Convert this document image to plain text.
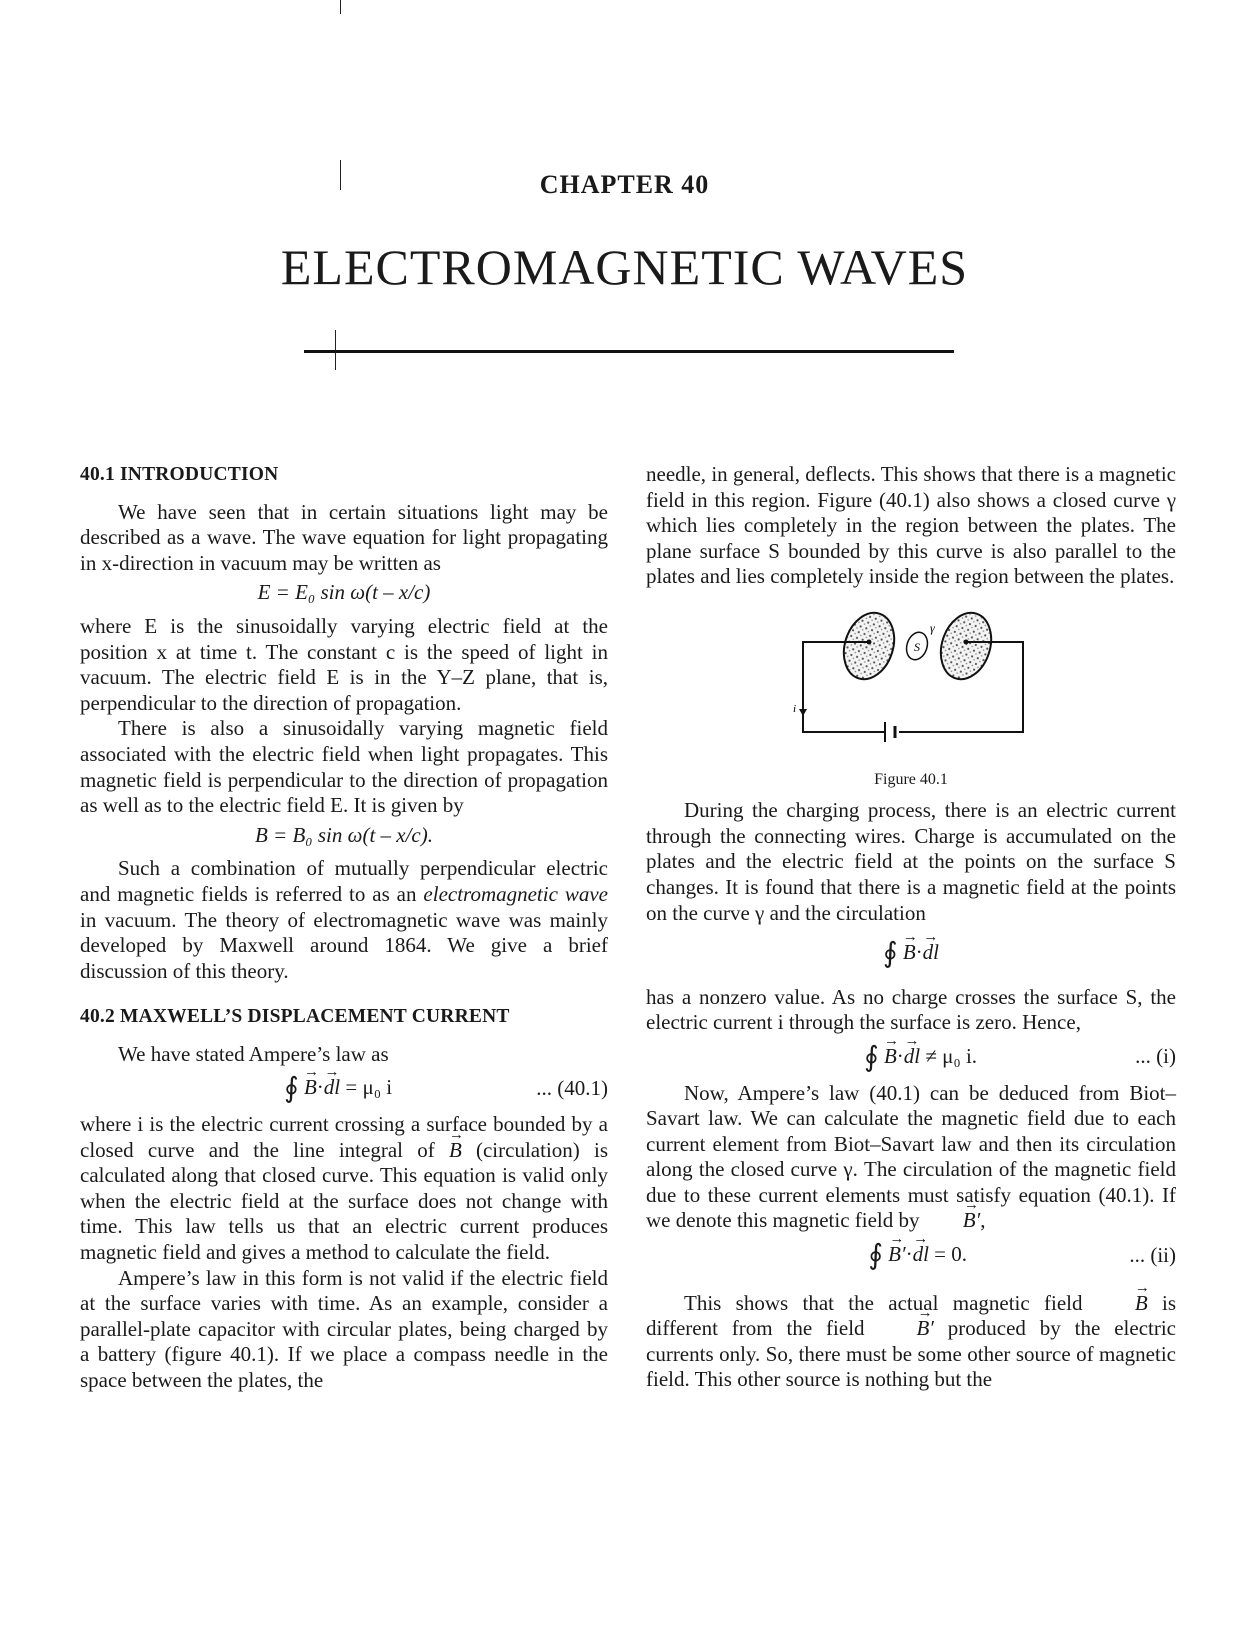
CHAPTER 40
ELECTROMAGNETIC WAVES

40.1 INTRODUCTION

We have seen that in certain situations light may be described as a wave. The wave equation for light propagating in x-direction in vacuum may be written as

E = E₀ sin ω(t – x/c)

where E is the sinusoidally varying electric field at the position x at time t. The constant c is the speed of light in vacuum. The electric field E is in the Y–Z plane, that is, perpendicular to the direction of propagation.

There is also a sinusoidally varying magnetic field associated with the electric field when light propagates. This magnetic field is perpendicular to the direction of propagation as well as to the electric field E. It is given by

B = B₀ sin ω(t – x/c).

Such a combination of mutually perpendicular electric and magnetic fields is referred to as an electromagnetic wave in vacuum. The theory of electromagnetic wave was mainly developed by Maxwell around 1864. We give a brief discussion of this theory.

40.2 MAXWELL’S DISPLACEMENT CURRENT

We have stated Ampere’s law as

∮ → B·→ dl = μ₀ i	... (40.1)

where i is the electric current crossing a surface bounded by a closed curve and the line integral of → B (circulation) is calculated along that closed curve. This equation is valid only when the electric field at the surface does not change with time. This law tells us that an electric current produces magnetic field and gives a method to calculate the field.

Ampere’s law in this form is not valid if the electric field at the surface varies with time. As an example, consider a parallel-plate capacitor with circular plates, being charged by a battery (figure 40.1). If we place a compass needle in the space between the plates, the

needle, in general, deflects. This shows that there is a magnetic field in this region. Figure (40.1) also shows a closed curve γ which lies completely in the region between the plates. The plane surface S bounded by this curve is also parallel to the plates and lies completely inside the region between the plates.

S
γ
i

Figure 40.1

During the charging process, there is an electric current through the connecting wires. Charge is accumulated on the plates and the electric field at the points on the surface S changes. It is found that there is a magnetic field at the points on the curve γ and the circulation

∮ → B·→ dl

has a nonzero value. As no charge crosses the surface S, the electric current i through the surface is zero. Hence,

∮ → B·→ dl ≠ μ₀ i.	... (i)

Now, Ampere’s law (40.1) can be deduced from Biot–Savart law. We can calculate the magnetic field due to each current element from Biot–Savart law and then its circulation along the closed curve γ. The circulation of the magnetic field due to these current elements must satisfy equation (40.1). If we denote this magnetic field by → B′,

∮ → B′·→ dl = 0.	... (ii)

This shows that the actual magnetic field → B is different from the field → B′ produced by the electric currents only. So, there must be some other source of magnetic field. This other source is nothing but the
